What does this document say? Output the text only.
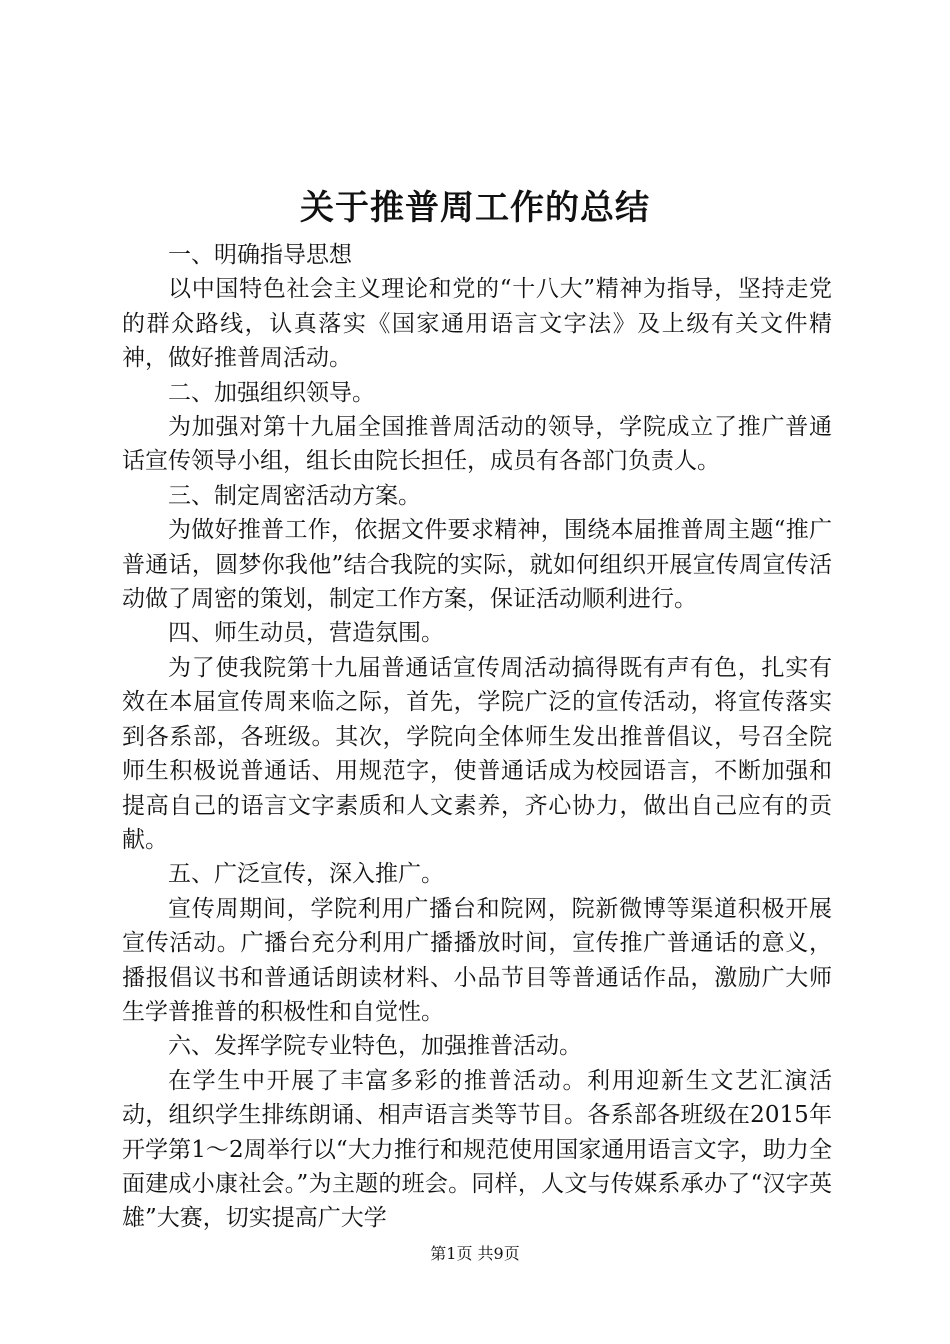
关于推普周工作的总结

一、明确指导思想

以中国特色社会主义理论和党的“十八大”精神为指导，坚持走党的群众路线，认真落实《国家通用语言文字法》及上级有关文件精神，做好推普周活动。

二、加强组织领导。

为加强对第十九届全国推普周活动的领导，学院成立了推广普通话宣传领导小组，组长由院长担任，成员有各部门负责人。

三、制定周密活动方案。

为做好推普工作，依据文件要求精神，围绕本届推普周主题“推广普通话，圆梦你我他”结合我院的实际，就如何组织开展宣传周宣传活动做了周密的策划，制定工作方案，保证活动顺利进行。

四、师生动员，营造氛围。

为了使我院第十九届普通话宣传周活动搞得既有声有色，扎实有效在本届宣传周来临之际，首先，学院广泛的宣传活动，将宣传落实到各系部，各班级。其次，学院向全体师生发出推普倡议，号召全院师生积极说普通话、用规范字，使普通话成为校园语言，不断加强和提高自己的语言文字素质和人文素养，齐心协力，做出自己应有的贡献。

五、广泛宣传，深入推广。

宣传周期间，学院利用广播台和院网，院新微博等渠道积极开展宣传活动。广播台充分利用广播播放时间，宣传推广普通话的意义，播报倡议书和普通话朗读材料、小品节目等普通话作品，激励广大师生学普推普的积极性和自觉性。

六、发挥学院专业特色，加强推普活动。

在学生中开展了丰富多彩的推普活动。利用迎新生文艺汇演活动，组织学生排练朗诵、相声语言类等节目。各系部各班级在2015年开学第1～2周举行以“大力推行和规范使用国家通用语言文字，助力全面建成小康社会。”为主题的班会。同样，人文与传媒系承办了“汉字英雄”大赛，切实提高广大学

第1页 共9页
